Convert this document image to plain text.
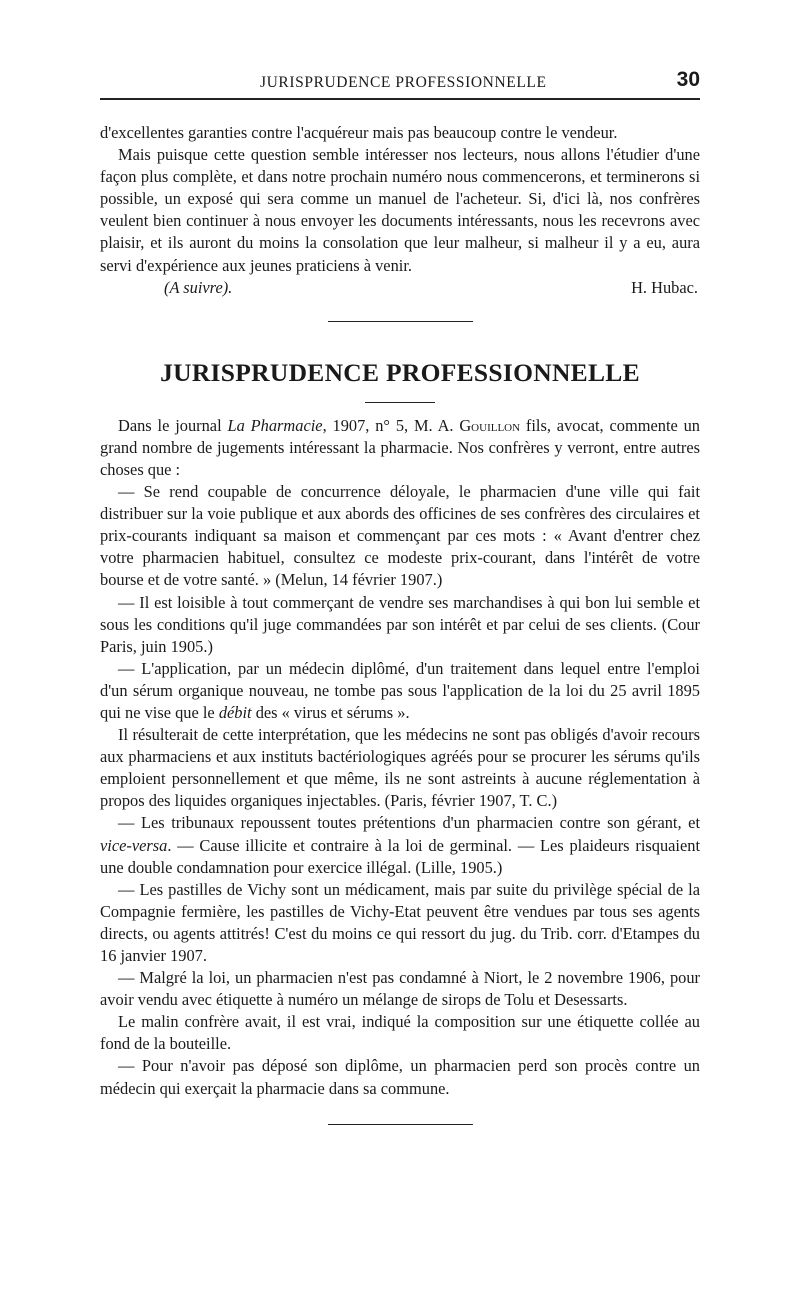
JURISPRUDENCE PROFESSIONNELLE	30

d'excellentes garanties contre l'acquéreur mais pas beaucoup contre le vendeur.

Mais puisque cette question semble intéresser nos lecteurs, nous allons l'étudier d'une façon plus complète, et dans notre prochain numéro nous commencerons, et terminerons si possible, un exposé qui sera comme un manuel de l'acheteur. Si, d'ici là, nos confrères veulent bien continuer à nous envoyer les documents intéressants, nous les recevrons avec plaisir, et ils auront du moins la consolation que leur malheur, si malheur il y a eu, aura servi d'expérience aux jeunes praticiens à venir.

(A suivre).	H. Hubac.
JURISPRUDENCE PROFESSIONNELLE

Dans le journal La Pharmacie, 1907, n° 5, M. A. Gouillon fils, avocat, commente un grand nombre de jugements intéressant la pharmacie. Nos confrères y verront, entre autres choses que :

— Se rend coupable de concurrence déloyale, le pharmacien d'une ville qui fait distribuer sur la voie publique et aux abords des officines de ses confrères des circulaires et prix-courants indiquant sa maison et commençant par ces mots : « Avant d'entrer chez votre pharmacien habituel, consultez ce modeste prix-courant, dans l'intérêt de votre bourse et de votre santé. » (Melun, 14 février 1907.)

— Il est loisible à tout commerçant de vendre ses marchandises à qui bon lui semble et sous les conditions qu'il juge commandées par son intérêt et par celui de ses clients. (Cour Paris, juin 1905.)

— L'application, par un médecin diplômé, d'un traitement dans lequel entre l'emploi d'un sérum organique nouveau, ne tombe pas sous l'application de la loi du 25 avril 1895 qui ne vise que le débit des « virus et sérums ».

Il résulterait de cette interprétation, que les médecins ne sont pas obligés d'avoir recours aux pharmaciens et aux instituts bactériologiques agréés pour se procurer les sérums qu'ils emploient personnellement et que même, ils ne sont astreints à aucune réglementation à propos des liquides organiques injectables. (Paris, février 1907, T. C.)

— Les tribunaux repoussent toutes prétentions d'un pharmacien contre son gérant, et vice-versa. — Cause illicite et contraire à la loi de germinal. — Les plaideurs risquaient une double condamnation pour exercice illégal. (Lille, 1905.)

— Les pastilles de Vichy sont un médicament, mais par suite du privilège spécial de la Compagnie fermière, les pastilles de Vichy-Etat peuvent être vendues par tous ses agents directs, ou agents attitrés! C'est du moins ce qui ressort du jug. du Trib. corr. d'Etampes du 16 janvier 1907.

— Malgré la loi, un pharmacien n'est pas condamné à Niort, le 2 novembre 1906, pour avoir vendu avec étiquette à numéro un mélange de sirops de Tolu et Desessarts.

Le malin confrère avait, il est vrai, indiqué la composition sur une étiquette collée au fond de la bouteille.

— Pour n'avoir pas déposé son diplôme, un pharmacien perd son procès contre un médecin qui exerçait la pharmacie dans sa commune.
